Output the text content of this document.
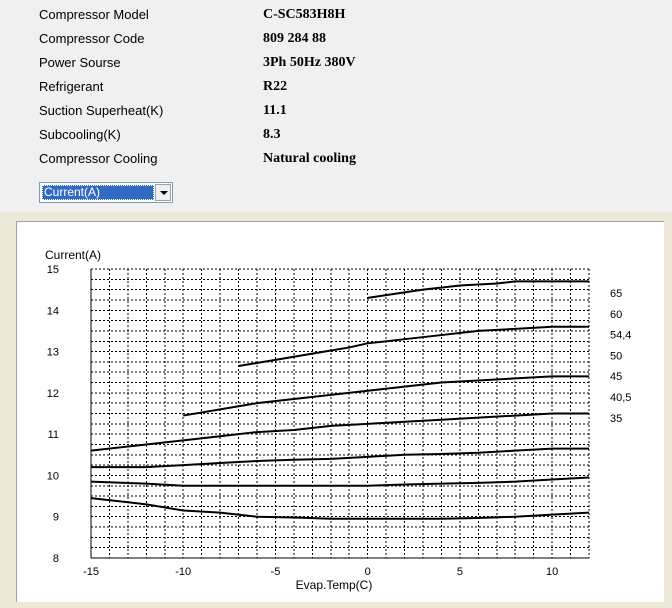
Compressor Model	C-SC583H8H
Compressor Code	809 284 88
Power Sourse	3Ph 50Hz 380V
Refrigerant	R22
Suction Superheat(K)	11.1
Subcooling(K)	8.3
Compressor Cooling	Natural cooling
Current(A)
8
9
10
11
12
13
14
15
-15	-10	-5	0	5	10
Current(A)
Evap.Temp(C)
65
60
54,4
50
45
40,5
35
